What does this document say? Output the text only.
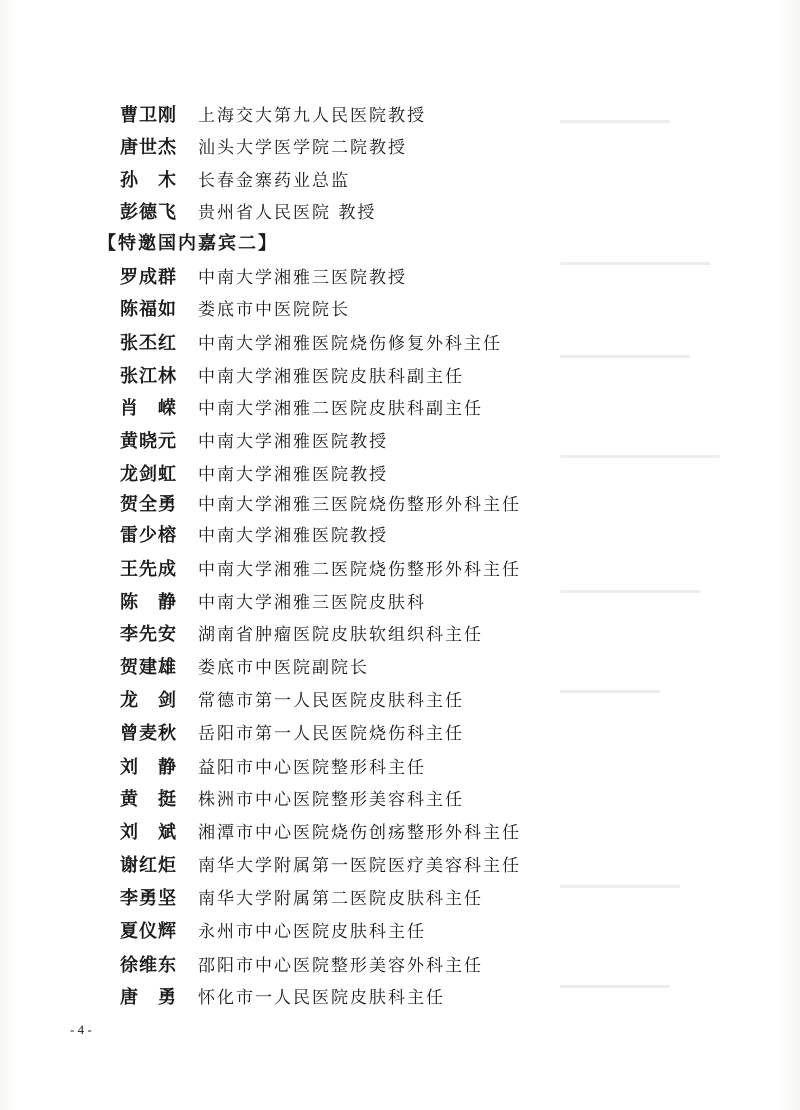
曹卫刚 上海交大第九人民医院教授
唐世杰 汕头大学医学院二院教授
孙　木 长春金寨药业总监
彭德飞 贵州省人民医院 教授
【特邀国内嘉宾二】
罗成群 中南大学湘雅三医院教授
陈福如 娄底市中医院院长
张丕红 中南大学湘雅医院烧伤修复外科主任
张江林 中南大学湘雅医院皮肤科副主任
肖　嵘 中南大学湘雅二医院皮肤科副主任
黄晓元 中南大学湘雅医院教授
龙剑虹 中南大学湘雅医院教授
贺全勇 中南大学湘雅三医院烧伤整形外科主任
雷少榕 中南大学湘雅医院教授
王先成 中南大学湘雅二医院烧伤整形外科主任
陈　静 中南大学湘雅三医院皮肤科
李先安 湖南省肿瘤医院皮肤软组织科主任
贺建雄 娄底市中医院副院长
龙　剑 常德市第一人民医院皮肤科主任
曾麦秋 岳阳市第一人民医院烧伤科主任
刘　静 益阳市中心医院整形科主任
黄　挺 株洲市中心医院整形美容科主任
刘　斌 湘潭市中心医院烧伤创疡整形外科主任
谢红炬 南华大学附属第一医院医疗美容科主任
李勇坚 南华大学附属第二医院皮肤科主任
夏仪辉 永州市中心医院皮肤科主任
徐维东 邵阳市中心医院整形美容外科主任
唐　勇 怀化市一人民医院皮肤科主任
- 4 -
